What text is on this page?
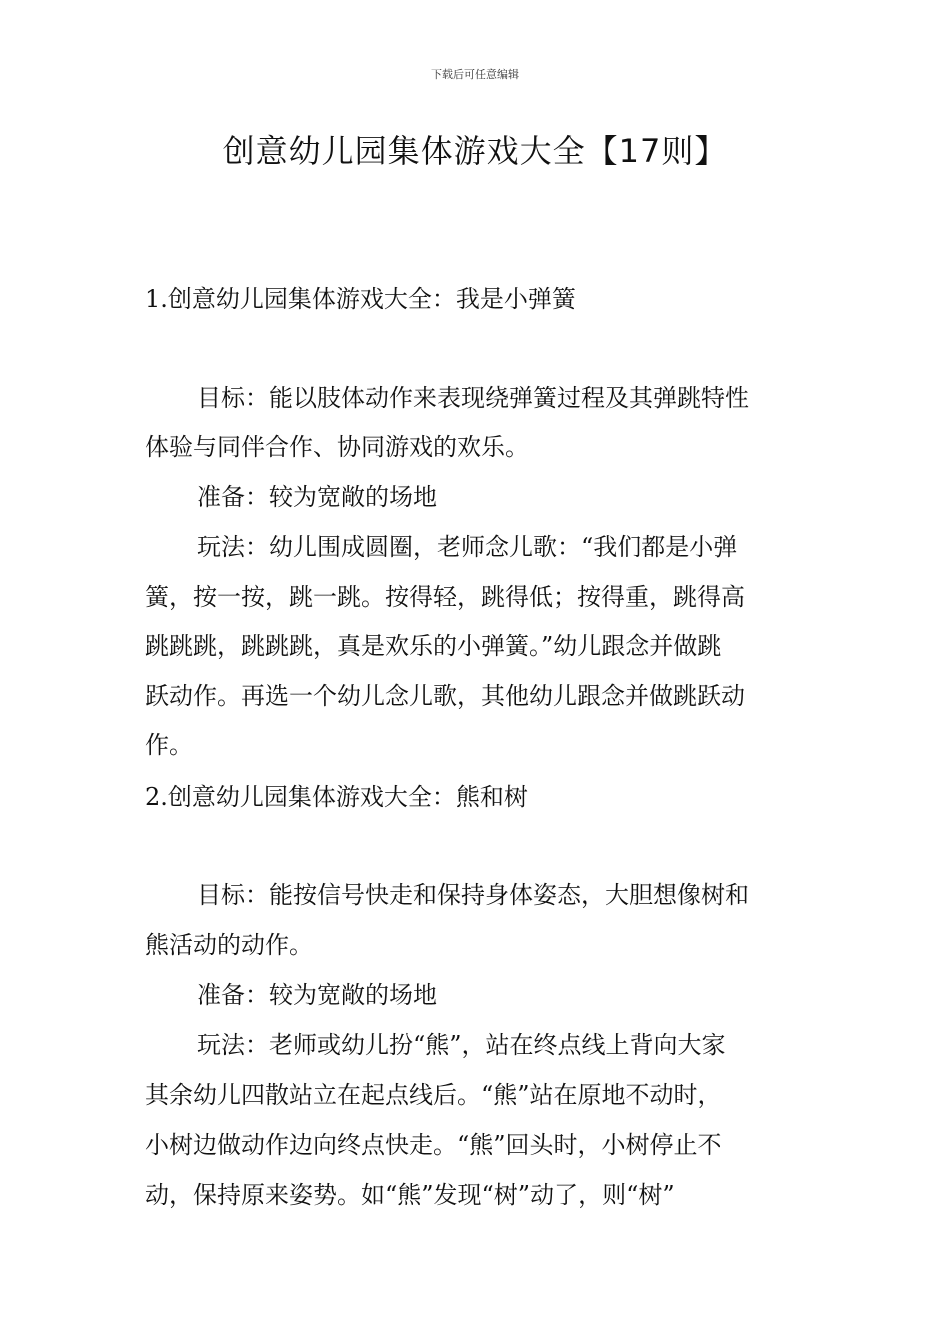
下载后可任意编辑
创意幼儿园集体游戏大全【17则】
1.创意幼儿园集体游戏大全：我是小弹簧
目标：能以肢体动作来表现绕弹簧过程及其弹跳特性
体验与同伴合作、协同游戏的欢乐。
准备：较为宽敞的场地
玩法：幼儿围成圆圈，老师念儿歌：“我们都是小弹
簧，按一按，跳一跳。按得轻，跳得低；按得重，跳得高
跳跳跳，跳跳跳，真是欢乐的小弹簧。”幼儿跟念并做跳
跃动作。再选一个幼儿念儿歌，其他幼儿跟念并做跳跃动
作。
2.创意幼儿园集体游戏大全：熊和树
目标：能按信号快走和保持身体姿态，大胆想像树和
熊活动的动作。
准备：较为宽敞的场地
玩法：老师或幼儿扮“熊”，站在终点线上背向大家
其余幼儿四散站立在起点线后。“熊”站在原地不动时，
小树边做动作边向终点快走。“熊”回头时，小树停止不
动，保持原来姿势。如“熊”发现“树”动了，则“树”
